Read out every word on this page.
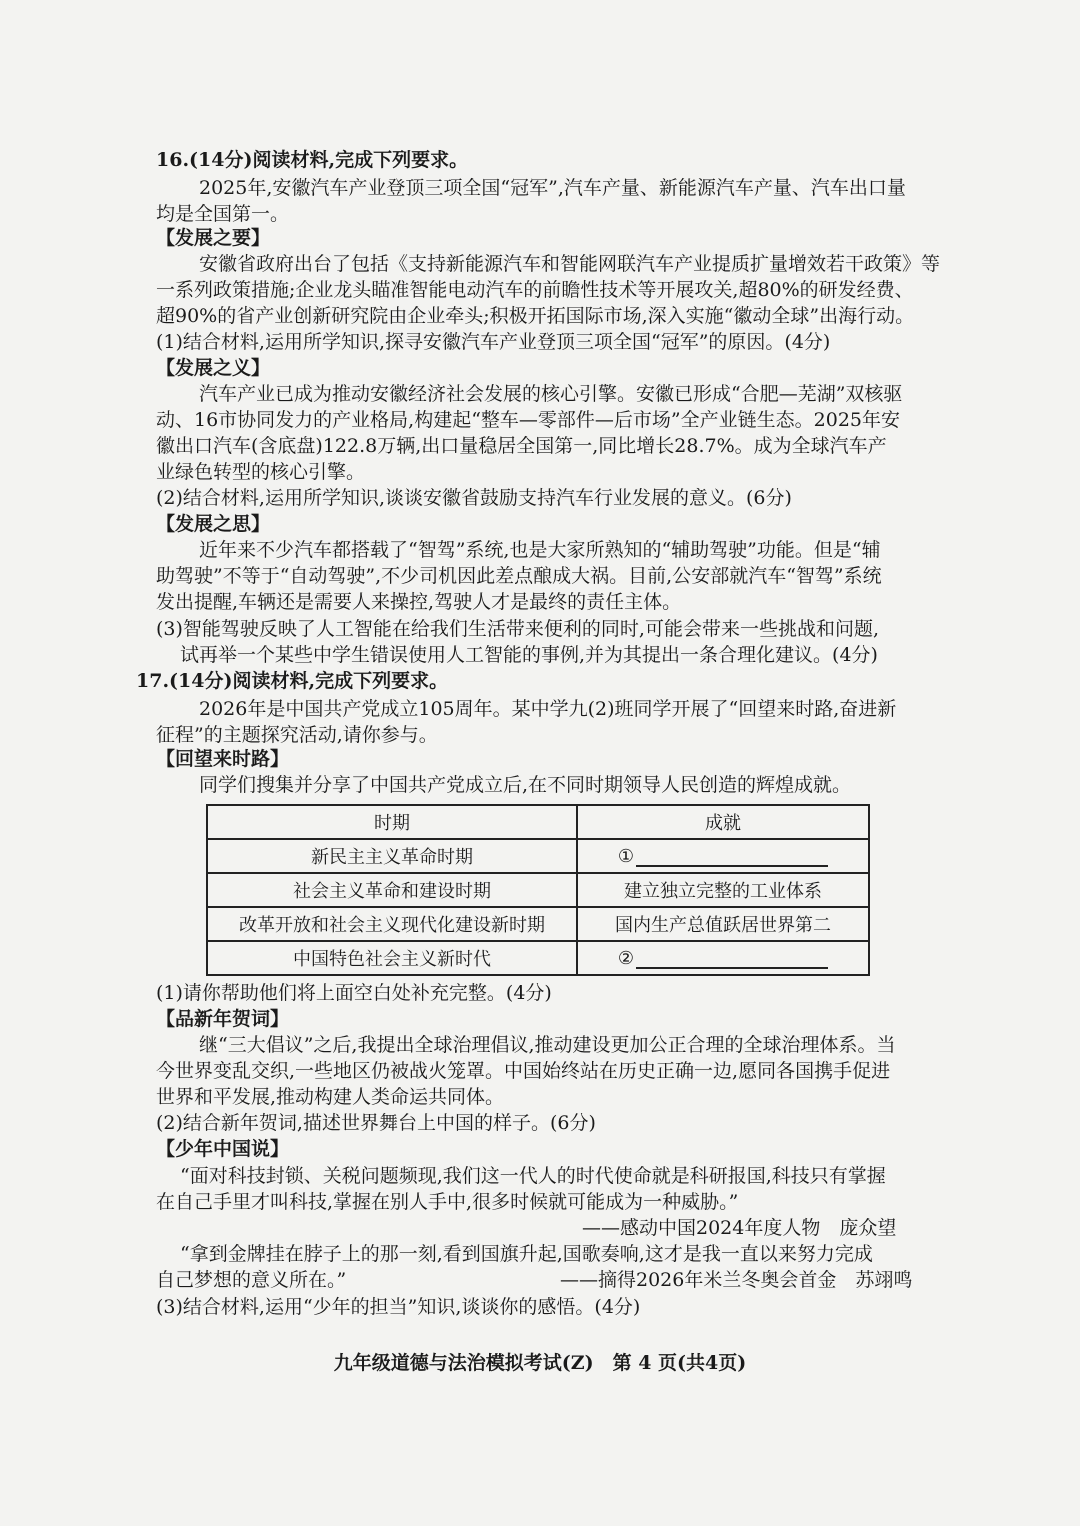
16.(14分)阅读材料,完成下列要求。
2025年,安徽汽车产业登顶三项全国“冠军”,汽车产量、新能源汽车产量、汽车出口量
均是全国第一。
【发展之要】
安徽省政府出台了包括《支持新能源汽车和智能网联汽车产业提质扩量增效若干政策》等
一系列政策措施;企业龙头瞄准智能电动汽车的前瞻性技术等开展攻关,超80%的研发经费、
超90%的省产业创新研究院由企业牵头;积极开拓国际市场,深入实施“徽动全球”出海行动。
(1)结合材料,运用所学知识,探寻安徽汽车产业登顶三项全国“冠军”的原因。(4分)
【发展之义】
汽车产业已成为推动安徽经济社会发展的核心引擎。安徽已形成“合肥—芜湖”双核驱
动、16市协同发力的产业格局,构建起“整车—零部件—后市场”全产业链生态。2025年安
徽出口汽车(含底盘)122.8万辆,出口量稳居全国第一,同比增长28.7%。成为全球汽车产
业绿色转型的核心引擎。
(2)结合材料,运用所学知识,谈谈安徽省鼓励支持汽车行业发展的意义。(6分)
【发展之思】
近年来不少汽车都搭载了“智驾”系统,也是大家所熟知的“辅助驾驶”功能。但是“辅
助驾驶”不等于“自动驾驶”,不少司机因此差点酿成大祸。目前,公安部就汽车“智驾”系统
发出提醒,车辆还是需要人来操控,驾驶人才是最终的责任主体。
(3)智能驾驶反映了人工智能在给我们生活带来便利的同时,可能会带来一些挑战和问题,
试再举一个某些中学生错误使用人工智能的事例,并为其提出一条合理化建议。(4分)
17.(14分)阅读材料,完成下列要求。
2026年是中国共产党成立105周年。某中学九(2)班同学开展了“回望来时路,奋进新
征程”的主题探究活动,请你参与。
【回望来时路】
同学们搜集并分享了中国共产党成立后,在不同时期领导人民创造的辉煌成就。
时期	成就
新民主主义革命时期	①
社会主义革命和建设时期	建立独立完整的工业体系
改革开放和社会主义现代化建设新时期	国内生产总值跃居世界第二
中国特色社会主义新时代	②
(1)请你帮助他们将上面空白处补充完整。(4分)
【品新年贺词】
继“三大倡议”之后,我提出全球治理倡议,推动建设更加公正合理的全球治理体系。当
今世界变乱交织,一些地区仍被战火笼罩。中国始终站在历史正确一边,愿同各国携手促进
世界和平发展,推动构建人类命运共同体。
(2)结合新年贺词,描述世界舞台上中国的样子。(6分)
【少年中国说】
“面对科技封锁、关税问题频现,我们这一代人的时代使命就是科研报国,科技只有掌握
在自己手里才叫科技,掌握在别人手中,很多时候就可能成为一种威胁。”
——感动中国2024年度人物　庞众望
“拿到金牌挂在脖子上的那一刻,看到国旗升起,国歌奏响,这才是我一直以来努力完成
自己梦想的意义所在。”	——摘得2026年米兰冬奥会首金　苏翊鸣
(3)结合材料,运用“少年的担当”知识,谈谈你的感悟。(4分)
九年级道德与法治模拟考试(Z)　第 4 页(共4页)
